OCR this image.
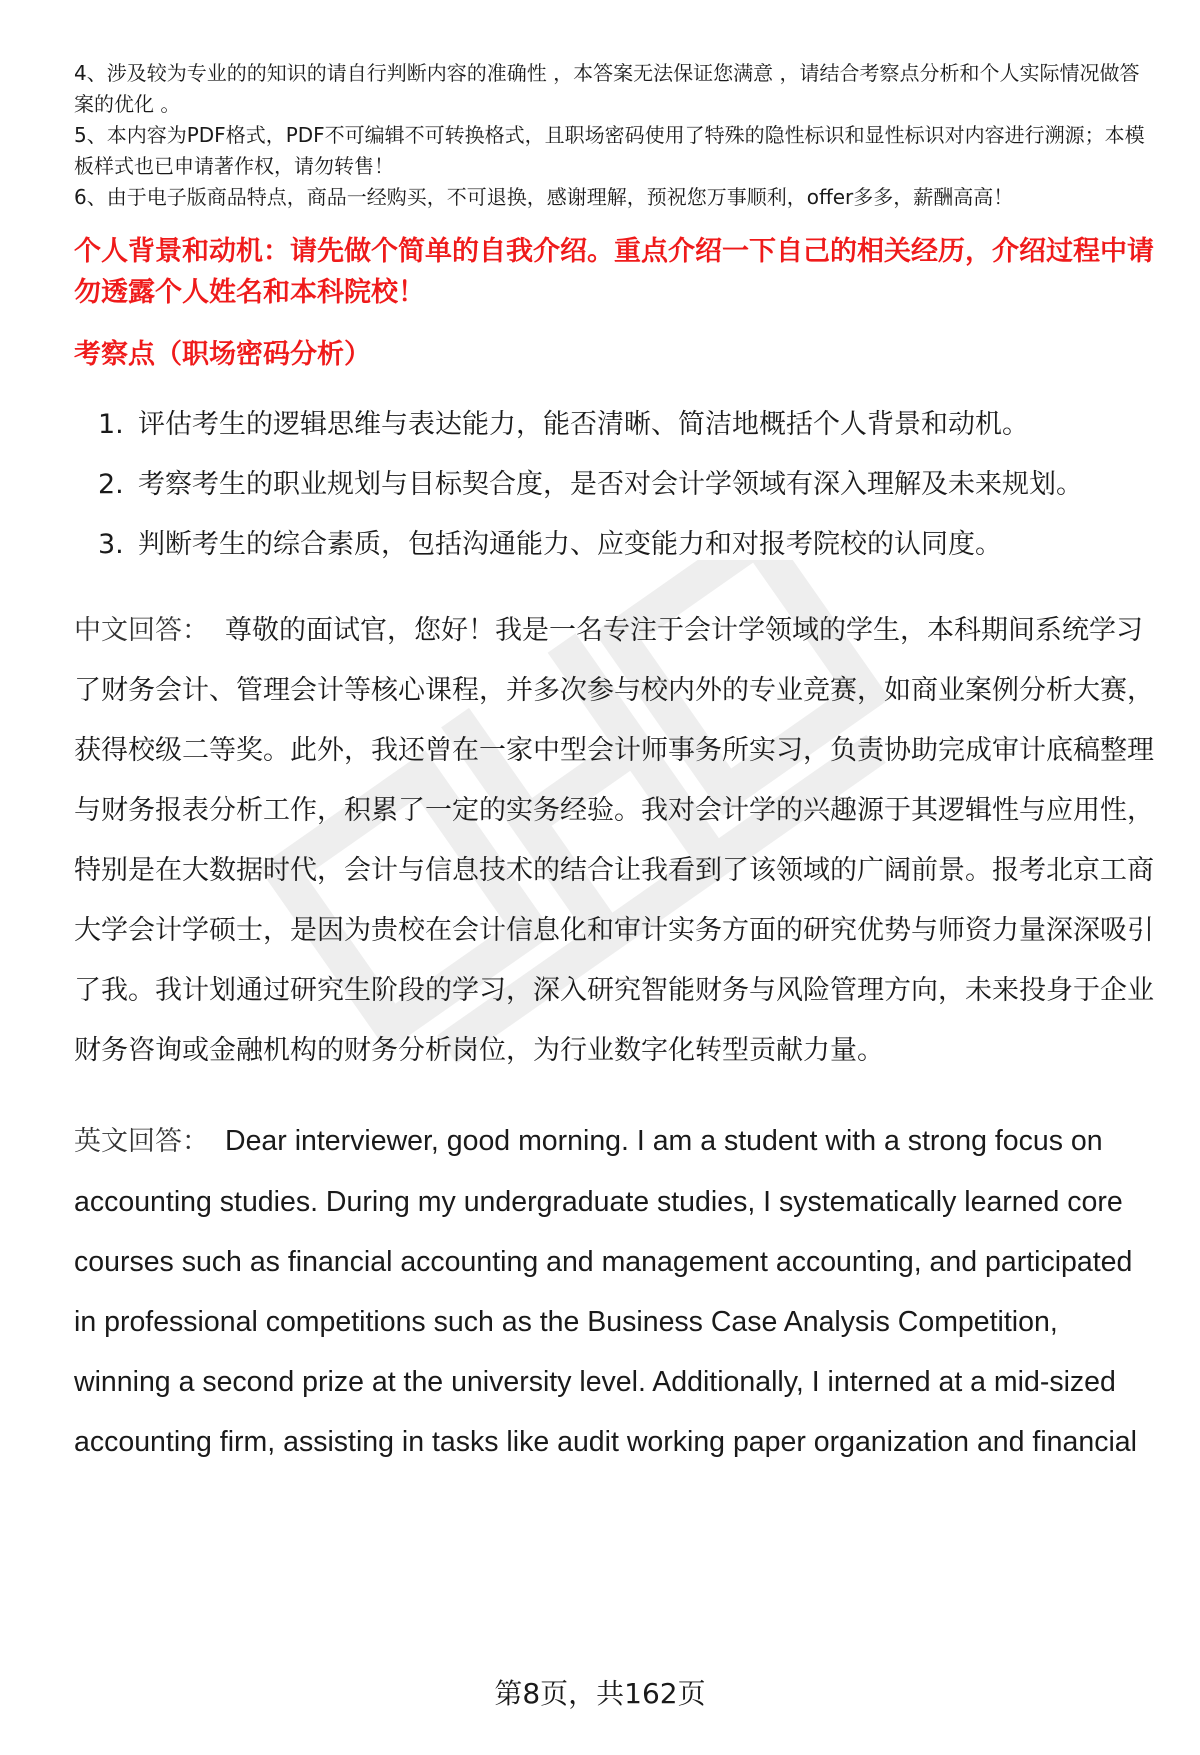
4、涉及较为专业的的知识的请自行判断内容的准确性 ，本答案无法保证您满意 ，请结合考察点分析和个人实际情况做答案的优化 。

5、本内容为PDF格式，PDF不可编辑不可转换格式，且职场密码使用了特殊的隐性标识和显性标识对内容进行溯源；本模板样式也已申请著作权，请勿转售！

6、由于电子版商品特点，商品一经购买，不可退换，感谢理解，预祝您万事顺利，offer多多，薪酬高高！

个人背景和动机：请先做个简单的自我介绍。重点介绍一下自己的相关经历，介绍过程中请勿透露个人姓名和本科院校！
考察点（职场密码分析）
1. 评估考生的逻辑思维与表达能力，能否清晰、简洁地概括个人背景和动机。
2. 考察考生的职业规划与目标契合度，是否对会计学领域有深入理解及未来规划。
3. 判断考生的综合素质，包括沟通能力、应变能力和对报考院校的认同度。

中文回答： 尊敬的面试官，您好！我是一名专注于会计学领域的学生，本科期间系统学习了财务会计、管理会计等核心课程，并多次参与校内外的专业竞赛，如商业案例分析大赛，获得校级二等奖。此外，我还曾在一家中型会计师事务所实习，负责协助完成审计底稿整理与财务报表分析工作，积累了一定的实务经验。我对会计学的兴趣源于其逻辑性与应用性，特别是在大数据时代，会计与信息技术的结合让我看到了该领域的广阔前景。报考北京工商大学会计学硕士，是因为贵校在会计信息化和审计实务方面的研究优势与师资力量深深吸引了我。我计划通过研究生阶段的学习，深入研究智能财务与风险管理方向，未来投身于企业财务咨询或金融机构的财务分析岗位，为行业数字化转型贡献力量。

英文回答： Dear interviewer, good morning. I am a student with a strong focus on accounting studies. During my undergraduate studies, I systematically learned core courses such as financial accounting and management accounting, and participated in professional competitions such as the Business Case Analysis Competition, winning a second prize at the university level. Additionally, I interned at a mid-sized accounting firm, assisting in tasks like audit working paper organization and financial

第8页，共162页
